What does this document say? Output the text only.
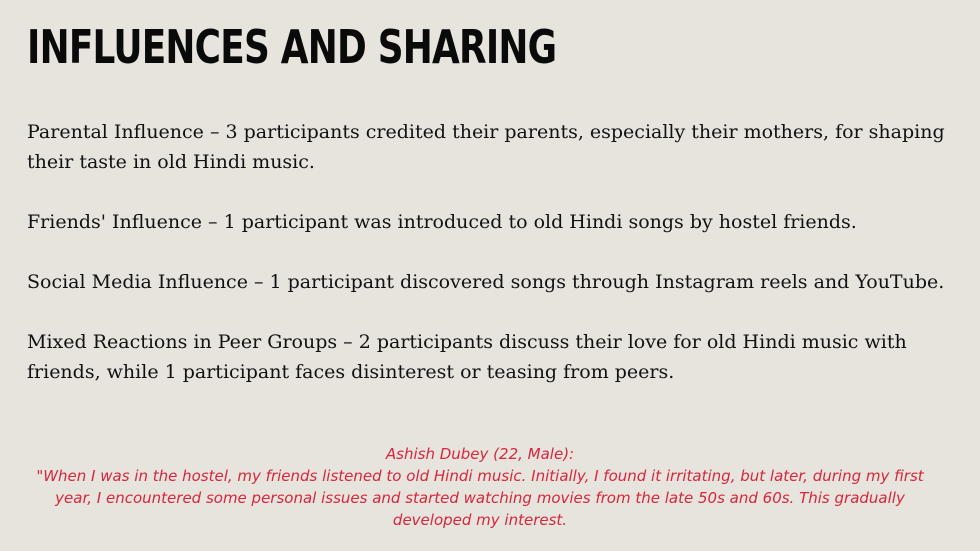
INFLUENCES AND SHARING

Parental Influence – 3 participants credited their parents, especially their mothers, for shaping their taste in old Hindi music.

Friends' Influence – 1 participant was introduced to old Hindi songs by hostel friends.

Social Media Influence – 1 participant discovered songs through Instagram reels and YouTube.

Mixed Reactions in Peer Groups – 2 participants discuss their love for old Hindi music with friends, while 1 participant faces disinterest or teasing from peers.

Ashish Dubey (22, Male):

"When I was in the hostel, my friends listened to old Hindi music. Initially, I found it irritating, but later, during my first year, I encountered some personal issues and started watching movies from the late 50s and 60s. This gradually developed my interest.
